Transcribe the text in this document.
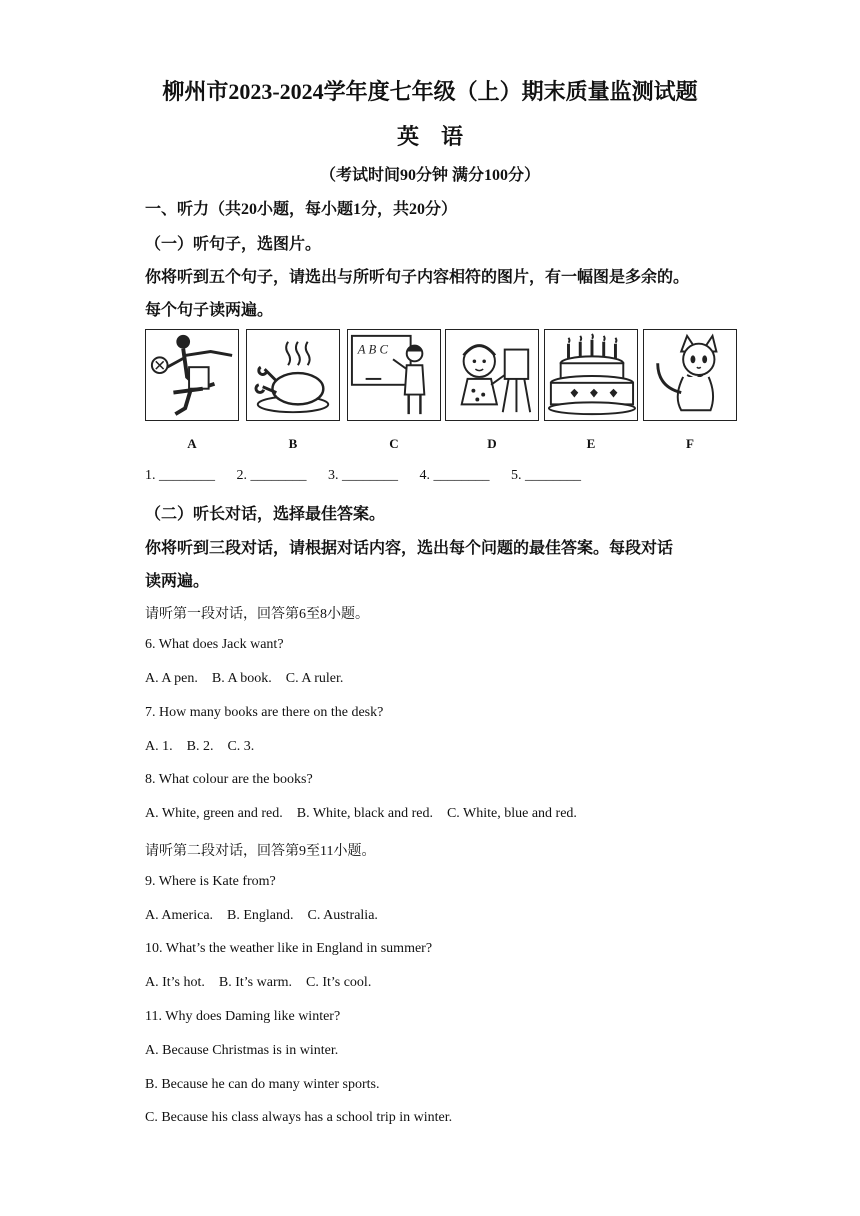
柳州市2023-2024学年度七年级（上）期末质量监测试题
英　语
（考试时间90分钟 满分100分）
一、听力（共20小题，每小题1分，共20分）
（一）听句子，选图片。
你将听到五个句子，请选出与所听句子内容相符的图片，有一幅图是多余的。
每个句子读两遍。
A B C
A	B	C	D	E	F
1. ________ 2. ________ 3. ________ 4. ________ 5. ________
（二）听长对话，选择最佳答案。
你将听到三段对话，请根据对话内容，选出每个问题的最佳答案。每段对话
读两遍。
请听第一段对话，回答第6至8小题。
6. What does Jack want?
A. A pen.    B. A book.    C. A ruler.
7. How many books are there on the desk?
A. 1.    B. 2.    C. 3.
8. What colour are the books?
A. White, green and red.    B. White, black and red.    C. White, blue and red.
请听第二段对话，回答第9至11小题。
9. Where is Kate from?
A. America.    B. England.    C. Australia.
10. What’s the weather like in England in summer?
A. It’s hot.    B. It’s warm.    C. It’s cool.
11. Why does Daming like winter?
A. Because Christmas is in winter.
B. Because he can do many winter sports.
C. Because his class always has a school trip in winter.
